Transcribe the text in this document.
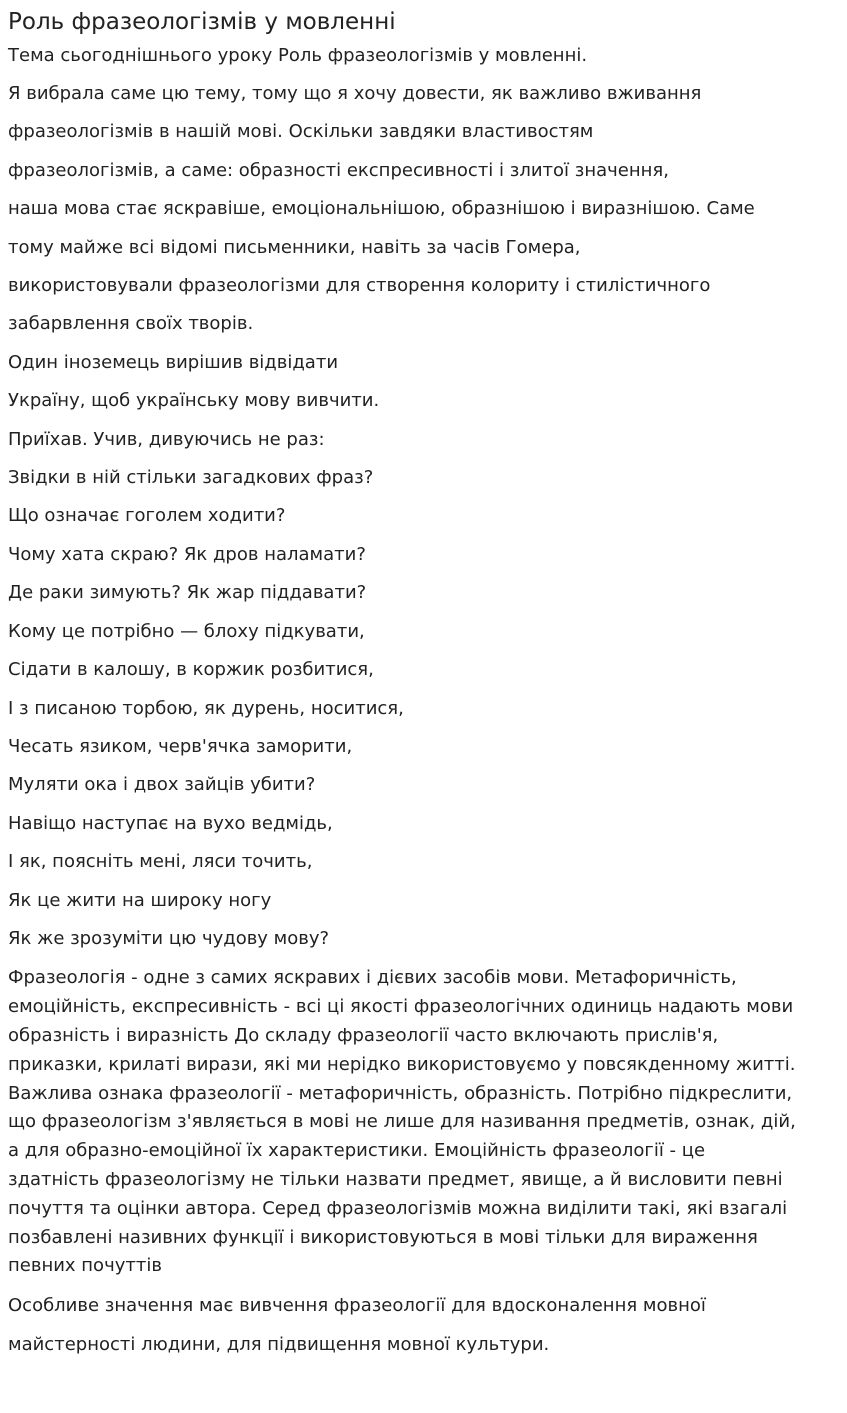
Роль фразеологізмів у мовленні
Тема сьогоднішнього уроку Роль фразеологізмів у мовленні.
Я вибрала саме цю тему, тому що я хочу довести, як важливо вживання
фразеологізмів в нашій мові. Оскільки завдяки властивостям
фразеологізмів, а саме: образності експресивності і злитої значення,
наша мова стає яскравіше, емоціональнішою, образнішою і виразнішою. Саме
тому майже всі відомі письменники, навіть за часів Гомера,
використовували фразеологізми для створення колориту і стилістичного
забарвлення своїх творів.
Один іноземець вирішив відвідати
Україну, щоб українську мову вивчити.
Приїхав. Учив, дивуючись не раз:
Звідки в ній стільки загадкових фраз?
Що означає гоголем ходити?
Чому хата скраю? Як дров наламати?
Де раки зимують? Як жар піддавати?
Кому це потрібно — блоху підкувати,
Сідати в калошу, в коржик розбитися,
І з писаною торбою, як дурень, носитися,
Чесать язиком, черв'ячка заморити,
Муляти ока і двох зайців убити?
Навіщо наступає на вухо ведмідь,
І як, поясніть мені, ляси точить,
Як це жити на широку ногу
Як же зрозуміти цю чудову мову?
Фразеологія - одне з самих яскравих і дієвих засобів мови. Метафоричність,
емоційність, експресивність - всі ці якості фразеологічних одиниць надають мови
образність і виразність До складу фразеології часто включають прислів'я,
приказки, крилаті вирази, які ми нерідко використовуємо у повсякденному житті.
Важлива ознака фразеології - метафоричність, образність. Потрібно підкреслити,
що фразеологізм з'являється в мові не лише для називання предметів, ознак, дій,
а для образно-емоційної їх характеристики. Емоційність фразеології - це
здатність фразеологізму не тільки назвати предмет, явище, а й висловити певні
почуття та оцінки автора. Серед фразеологізмів можна виділити такі, які взагалі
позбавлені називних функції і використовуються в мові тільки для вираження
певних почуттів
Особливе значення має вивчення фразеології для вдосконалення мовної
майстерності людини, для підвищення мовної культури.
